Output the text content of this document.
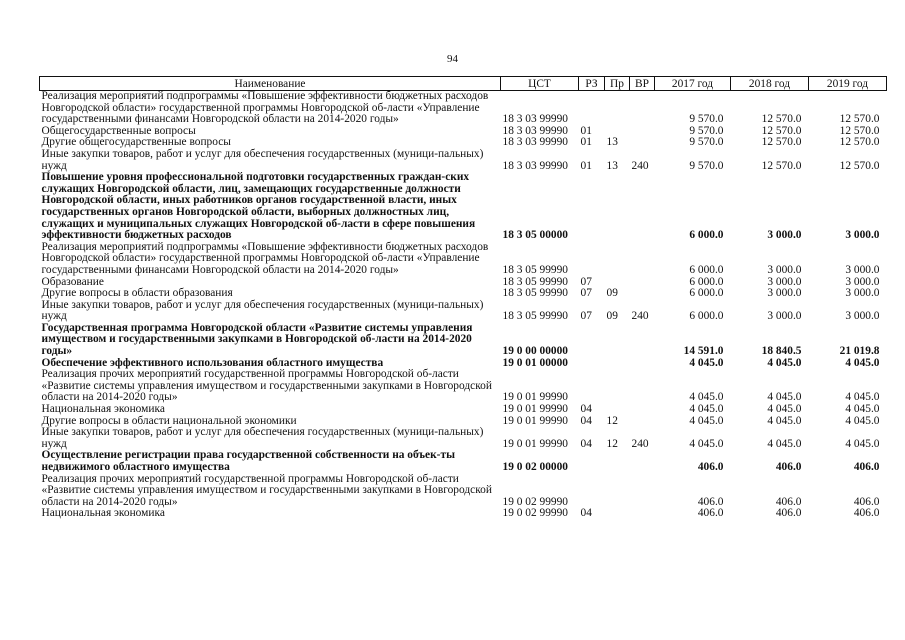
94
Наименование	ЦСТ	РЗ	Пр	ВР	2017 год	2018 год	2019 год
Реализация мероприятий подпрограммы «Повышение эффективности бюджетных расходов Новгородской области» государственной программы Новгородской об-ласти «Управление государственными финансами Новгородской области на 2014-2020 годы»	18 3 03 99990				9 570.0	12 570.0	12 570.0
Общегосударственные вопросы	18 3 03 99990	01			9 570.0	12 570.0	12 570.0
Другие общегосударственные вопросы	18 3 03 99990	01	13		9 570.0	12 570.0	12 570.0
Иные закупки товаров, работ и услуг для обеспечения государственных (муници-пальных) нужд	18 3 03 99990	01	13	240	9 570.0	12 570.0	12 570.0
Повышение уровня профессиональной подготовки государственных граждан-ских служащих Новгородской области, лиц, замещающих государственные должности Новгородской области, иных работников органов государственной власти, иных государственных органов Новгородской области, выборных должностных лиц, служащих и муниципальных служащих Новгородской об-ласти в сфере повышения эффективности бюджетных расходов	18 3 05 00000				6 000.0	3 000.0	3 000.0
Реализация мероприятий подпрограммы «Повышение эффективности бюджетных расходов Новгородской области» государственной программы Новгородской об-ласти «Управление государственными финансами Новгородской области на 2014-2020 годы»	18 3 05 99990				6 000.0	3 000.0	3 000.0
Образование	18 3 05 99990	07			6 000.0	3 000.0	3 000.0
Другие вопросы в области образования	18 3 05 99990	07	09		6 000.0	3 000.0	3 000.0
Иные закупки товаров, работ и услуг для обеспечения государственных (муници-пальных) нужд	18 3 05 99990	07	09	240	6 000.0	3 000.0	3 000.0
Государственная программа Новгородской области «Развитие системы управления имуществом и государственными закупками в Новгородской об-ласти на 2014-2020 годы»	19 0 00 00000				14 591.0	18 840.5	21 019.8
Обеспечение эффективного использования областного имущества	19 0 01 00000				4 045.0	4 045.0	4 045.0
Реализация прочих мероприятий государственной программы Новгородской об-ласти «Развитие системы управления имуществом и государственными закупками в Новгородской области на 2014-2020 годы»	19 0 01 99990				4 045.0	4 045.0	4 045.0
Национальная экономика	19 0 01 99990	04			4 045.0	4 045.0	4 045.0
Другие вопросы в области национальной экономики	19 0 01 99990	04	12		4 045.0	4 045.0	4 045.0
Иные закупки товаров, работ и услуг для обеспечения государственных (муници-пальных) нужд	19 0 01 99990	04	12	240	4 045.0	4 045.0	4 045.0
Осуществление регистрации права государственной собственности на объек-ты недвижимого областного имущества	19 0 02 00000				406.0	406.0	406.0
Реализация прочих мероприятий государственной программы Новгородской об-ласти «Развитие системы управления имуществом и государственными закупками в Новгородской области на 2014-2020 годы»	19 0 02 99990				406.0	406.0	406.0
Национальная экономика	19 0 02 99990	04			406.0	406.0	406.0
